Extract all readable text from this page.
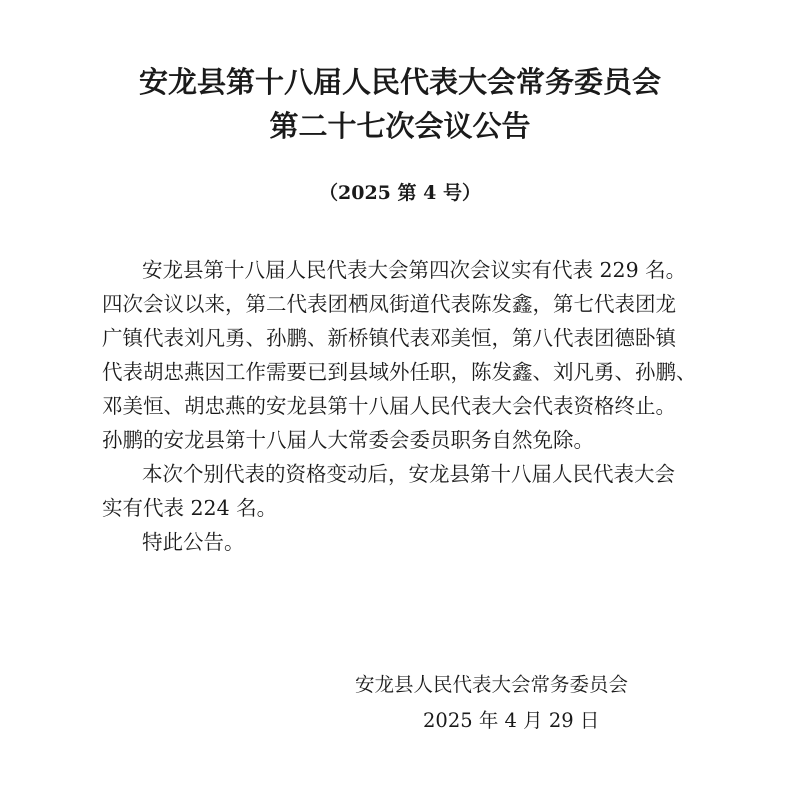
安龙县第十八届人民代表大会常务委员会
第二十七次会议公告
（2025 第 4 号）
安龙县第十八届人民代表大会第四次会议实有代表 229 名。
四次会议以来，第二代表团栖凤街道代表陈发鑫，第七代表团龙
广镇代表刘凡勇、孙鹏、新桥镇代表邓美恒，第八代表团德卧镇
代表胡忠燕因工作需要已到县域外任职，陈发鑫、刘凡勇、孙鹏、
邓美恒、胡忠燕的安龙县第十八届人民代表大会代表资格终止。
孙鹏的安龙县第十八届人大常委会委员职务自然免除。
本次个别代表的资格变动后，安龙县第十八届人民代表大会
实有代表 224 名。
特此公告。
安龙县人民代表大会常务委员会
2025 年 4 月 29 日
